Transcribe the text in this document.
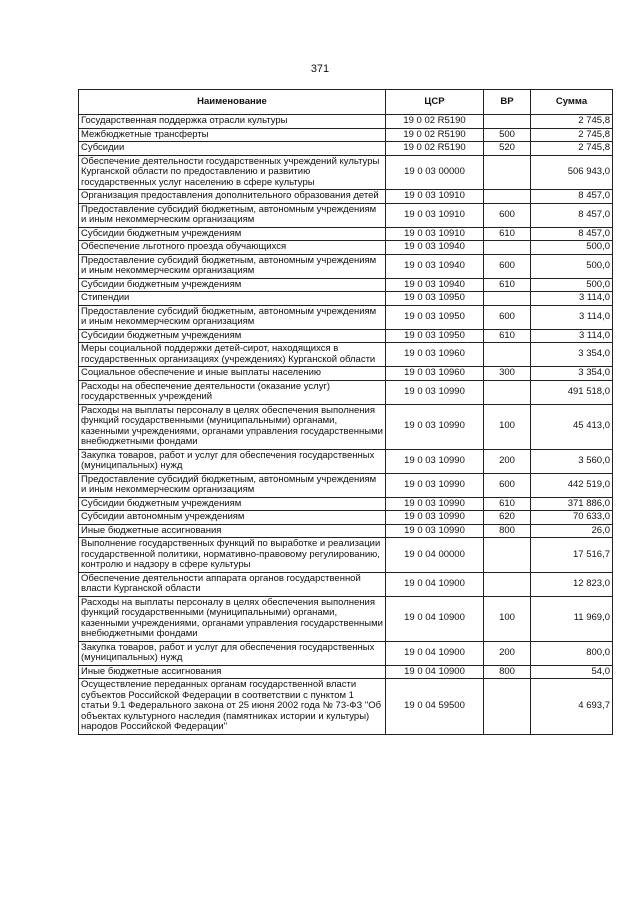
371
Наименование	ЦСР	ВР	Сумма
Государственная поддержка отрасли культуры	19 0 02 R5190		2 745,8
Межбюджетные трансферты	19 0 02 R5190	500	2 745,8
Субсидии	19 0 02 R5190	520	2 745,8
Обеспечение деятельности государственных учреждений культуры Курганской области по предоставлению и развитию государственных услуг населению в сфере культуры	19 0 03 00000		506 943,0
Организация предоставления дополнительного образования детей	19 0 03 10910		8 457,0
Предоставление субсидий бюджетным, автономным учреждениям и иным некоммерческим организациям	19 0 03 10910	600	8 457,0
Субсидии бюджетным учреждениям	19 0 03 10910	610	8 457,0
Обеспечение льготного проезда обучающихся	19 0 03 10940		500,0
Предоставление субсидий бюджетным, автономным учреждениям и иным некоммерческим организациям	19 0 03 10940	600	500,0
Субсидии бюджетным учреждениям	19 0 03 10940	610	500,0
Стипендии	19 0 03 10950		3 114,0
Предоставление субсидий бюджетным, автономным учреждениям и иным некоммерческим организациям	19 0 03 10950	600	3 114,0
Субсидии бюджетным учреждениям	19 0 03 10950	610	3 114,0
Меры социальной поддержки детей-сирот, находящихся в государственных организациях (учреждениях) Курганской области	19 0 03 10960		3 354,0
Социальное обеспечение и иные выплаты населению	19 0 03 10960	300	3 354,0
Расходы на обеспечение деятельности (оказание услуг) государственных учреждений	19 0 03 10990		491 518,0
Расходы на выплаты персоналу в целях обеспечения выполнения функций государственными (муниципальными) органами, казенными учреждениями, органами управления государственными внебюджетными фондами	19 0 03 10990	100	45 413,0
Закупка товаров, работ и услуг для обеспечения государственных (муниципальных) нужд	19 0 03 10990	200	3 560,0
Предоставление субсидий бюджетным, автономным учреждениям и иным некоммерческим организациям	19 0 03 10990	600	442 519,0
Субсидии бюджетным учреждениям	19 0 03 10990	610	371 886,0
Субсидии автономным учреждениям	19 0 03 10990	620	70 633,0
Иные бюджетные ассигнования	19 0 03 10990	800	26,0
Выполнение государственных функций по выработке и реализации государственной политики, нормативно-правовому регулированию, контролю и надзору в сфере культуры	19 0 04 00000		17 516,7
Обеспечение деятельности аппарата органов государственной власти Курганской области	19 0 04 10900		12 823,0
Расходы на выплаты персоналу в целях обеспечения выполнения функций государственными (муниципальными) органами, казенными учреждениями, органами управления государственными внебюджетными фондами	19 0 04 10900	100	11 969,0
Закупка товаров, работ и услуг для обеспечения государственных (муниципальных) нужд	19 0 04 10900	200	800,0
Иные бюджетные ассигнования	19 0 04 10900	800	54,0
Осуществление переданных органам государственной власти субъектов Российской Федерации в соответствии с пунктом 1 статьи 9.1 Федерального закона от 25 июня 2002 года № 73-ФЗ "Об объектах культурного наследия (памятниках истории и культуры) народов Российской Федерации"	19 0 04 59500		4 693,7
